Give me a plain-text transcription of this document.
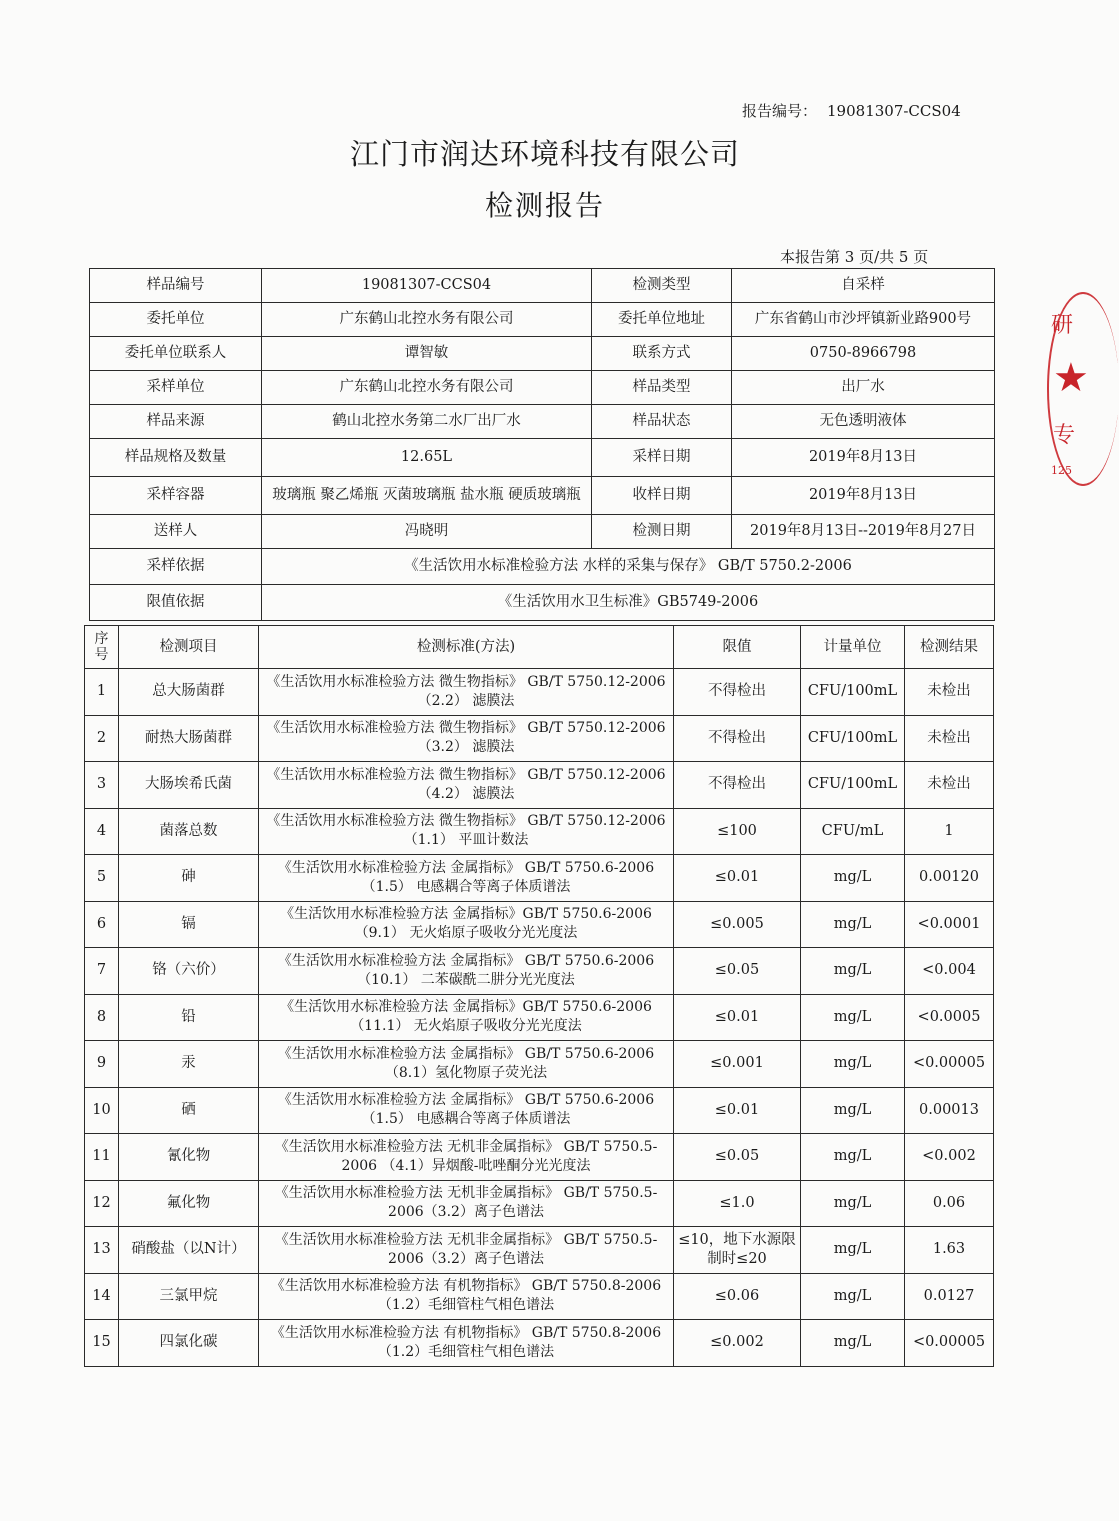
报告编号： 19081307-CCS04
江门市润达环境科技有限公司
检测报告
本报告第 3 页/共 5 页
样品编号	19081307-CCS04	检测类型	自采样
委托单位	广东鹤山北控水务有限公司	委托单位地址	广东省鹤山市沙坪镇新业路900号
委托单位联系人	谭智敏	联系方式	0750-8966798
采样单位	广东鹤山北控水务有限公司	样品类型	出厂水
样品来源	鹤山北控水务第二水厂出厂水	样品状态	无色透明液体
样品规格及数量	12.65L	采样日期	2019年8月13日
采样容器	玻璃瓶 聚乙烯瓶 灭菌玻璃瓶 盐水瓶 硬质玻璃瓶	收样日期	2019年8月13日
送样人	冯晓明	检测日期	2019年8月13日--2019年8月27日
采样依据	《生活饮用水标准检验方法 水样的采集与保存》 GB/T 5750.2-2006		
限值依据	《生活饮用水卫生标准》GB5749-2006		
序号	检测项目	检测标准(方法)	限值	计量单位	检测结果
1	总大肠菌群	《生活饮用水标准检验方法 微生物指标》 GB/T 5750.12-2006 （2.2） 滤膜法	不得检出	CFU/100mL	未检出
2	耐热大肠菌群	《生活饮用水标准检验方法 微生物指标》 GB/T 5750.12-2006 （3.2） 滤膜法	不得检出	CFU/100mL	未检出
3	大肠埃希氏菌	《生活饮用水标准检验方法 微生物指标》 GB/T 5750.12-2006 （4.2） 滤膜法	不得检出	CFU/100mL	未检出
4	菌落总数	《生活饮用水标准检验方法 微生物指标》 GB/T 5750.12-2006 （1.1） 平皿计数法	≤100	CFU/mL	1
5	砷	《生活饮用水标准检验方法 金属指标》 GB/T 5750.6-2006 （1.5） 电感耦合等离子体质谱法	≤0.01	mg/L	0.00120
6	镉	《生活饮用水标准检验方法 金属指标》GB/T 5750.6-2006 （9.1） 无火焰原子吸收分光光度法	≤0.005	mg/L	<0.0001
7	铬（六价）	《生活饮用水标准检验方法 金属指标》 GB/T 5750.6-2006 （10.1） 二苯碳酰二肼分光光度法	≤0.05	mg/L	<0.004
8	铅	《生活饮用水标准检验方法 金属指标》GB/T 5750.6-2006 （11.1） 无火焰原子吸收分光光度法	≤0.01	mg/L	<0.0005
9	汞	《生活饮用水标准检验方法 金属指标》 GB/T 5750.6-2006 （8.1）氢化物原子荧光法	≤0.001	mg/L	<0.00005
10	硒	《生活饮用水标准检验方法 金属指标》 GB/T 5750.6-2006 （1.5） 电感耦合等离子体质谱法	≤0.01	mg/L	0.00013
11	氰化物	《生活饮用水标准检验方法 无机非金属指标》 GB/T 5750.5-2006 （4.1）异烟酸-吡唑酮分光光度法	≤0.05	mg/L	<0.002
12	氟化物	《生活饮用水标准检验方法 无机非金属指标》 GB/T 5750.5-2006（3.2）离子色谱法	≤1.0	mg/L	0.06
13	硝酸盐（以N计）	《生活饮用水标准检验方法 无机非金属指标》 GB/T 5750.5-2006（3.2）离子色谱法	≤10，地下水源限制时≤20	mg/L	1.63
14	三氯甲烷	《生活饮用水标准检验方法 有机物指标》 GB/T 5750.8-2006 （1.2）毛细管柱气相色谱法	≤0.06	mg/L	0.0127
15	四氯化碳	《生活饮用水标准检验方法 有机物指标》 GB/T 5750.8-2006 （1.2）毛细管柱气相色谱法	≤0.002	mg/L	<0.00005
研
★
专
125
